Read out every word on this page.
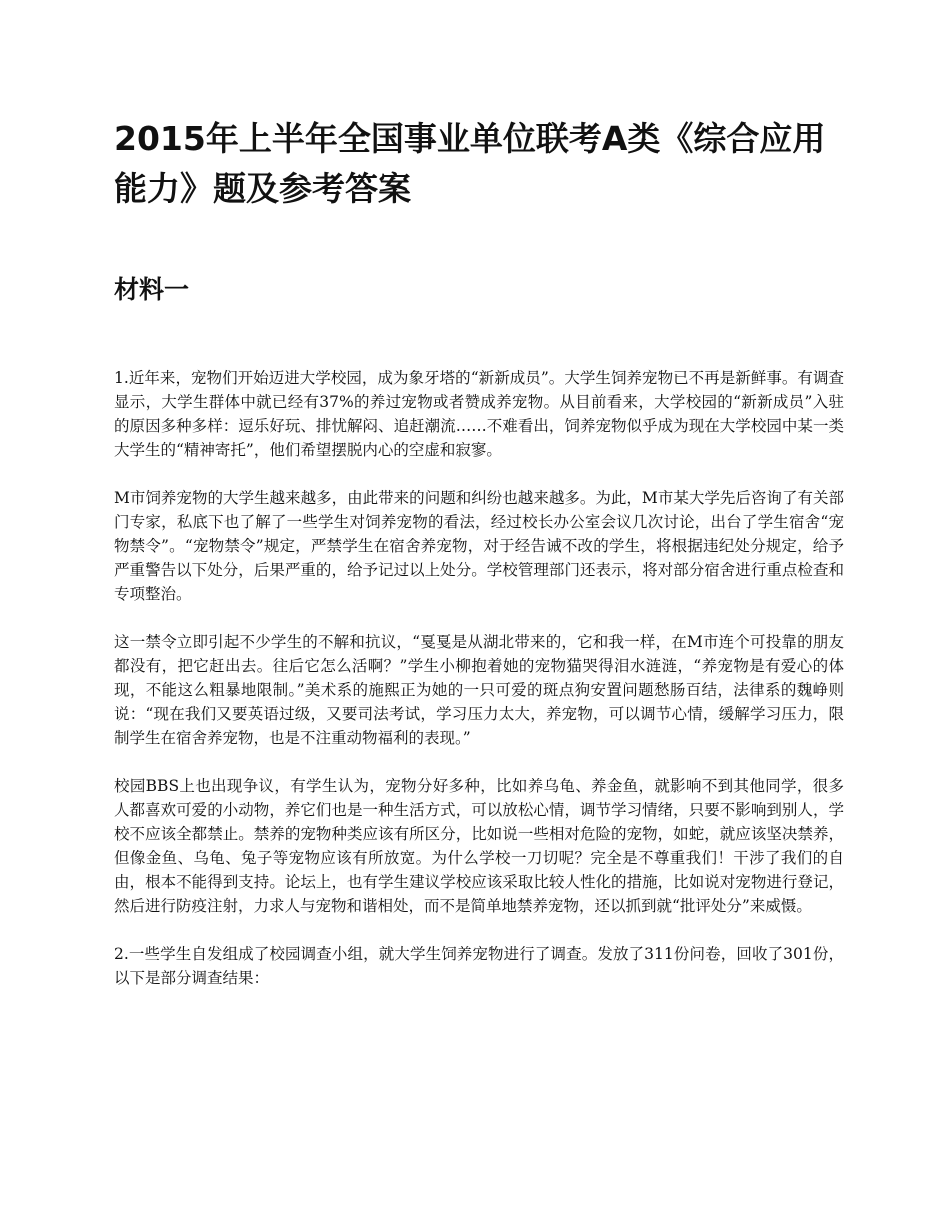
2015年上半年全国事业单位联考A类《综合应用能力》题及参考答案
材料一

1.近年来，宠物们开始迈进大学校园，成为象牙塔的“新新成员”。大学生饲养宠物已不再是新鲜事。有调查显示，大学生群体中就已经有37%的养过宠物或者赞成养宠物。从目前看来，大学校园的“新新成员”入驻的原因多种多样：逗乐好玩、排忧解闷、追赶潮流……不难看出，饲养宠物似乎成为现在大学校园中某一类大学生的“精神寄托”，他们希望摆脱内心的空虚和寂寥。

M市饲养宠物的大学生越来越多，由此带来的问题和纠纷也越来越多。为此，M市某大学先后咨询了有关部门专家，私底下也了解了一些学生对饲养宠物的看法，经过校长办公室会议几次讨论，出台了学生宿舍“宠物禁令”。“宠物禁令”规定，严禁学生在宿舍养宠物，对于经告诫不改的学生，将根据违纪处分规定，给予严重警告以下处分，后果严重的，给予记过以上处分。学校管理部门还表示，将对部分宿舍进行重点检查和专项整治。

这一禁令立即引起不少学生的不解和抗议，“戛戛是从湖北带来的，它和我一样，在M市连个可投靠的朋友都没有，把它赶出去。往后它怎么活啊？”学生小柳抱着她的宠物猫哭得泪水涟涟，“养宠物是有爱心的体现，不能这么粗暴地限制。”美术系的施熙正为她的一只可爱的斑点狗安置问题愁肠百结，法律系的魏峥则说：“现在我们又要英语过级，又要司法考试，学习压力太大，养宠物，可以调节心情，缓解学习压力，限制学生在宿舍养宠物，也是不注重动物福利的表现。”

校园BBS上也出现争议，有学生认为，宠物分好多种，比如养乌龟、养金鱼，就影响不到其他同学，很多人都喜欢可爱的小动物，养它们也是一种生活方式，可以放松心情，调节学习情绪，只要不影响到别人，学校不应该全都禁止。禁养的宠物种类应该有所区分，比如说一些相对危险的宠物，如蛇，就应该坚决禁养，但像金鱼、乌龟、兔子等宠物应该有所放宽。为什么学校一刀切呢？完全是不尊重我们！干涉了我们的自由，根本不能得到支持。论坛上，也有学生建议学校应该采取比较人性化的措施，比如说对宠物进行登记，然后进行防疫注射，力求人与宠物和谐相处，而不是简单地禁养宠物，还以抓到就“批评处分”来威慑。

2.一些学生自发组成了校园调查小组，就大学生饲养宠物进行了调查。发放了311份问卷，回收了301份，以下是部分调查结果：
